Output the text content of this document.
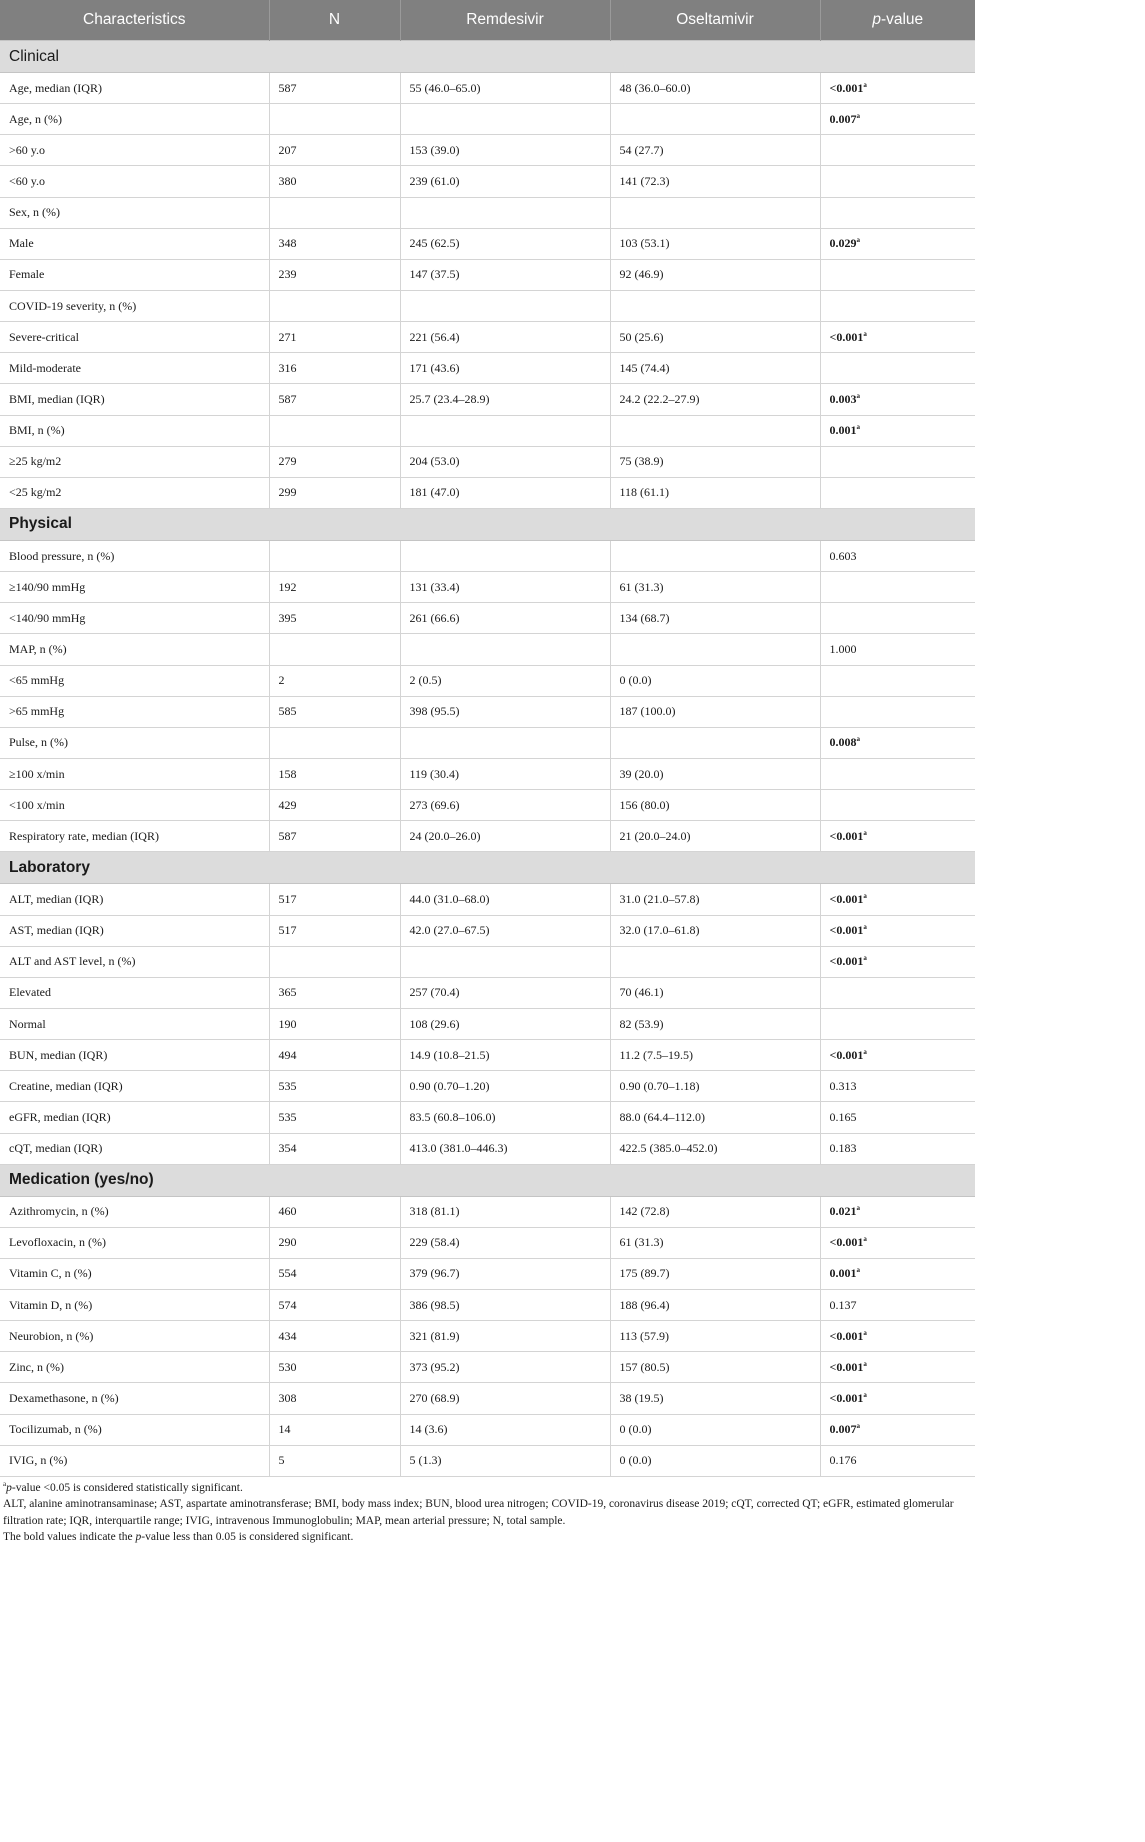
Characteristics	N	Remdesivir	Oseltamivir	p-value
Clinical				
Age, median (IQR)	587	55 (46.0–65.0)	48 (36.0–60.0)	<0.001$^a$
Age, n (%)				0.007$^a$
>60 y.o	207	153 (39.0)	54 (27.7)	
<60 y.o	380	239 (61.0)	141 (72.3)	
Sex, n (%)				
Male	348	245 (62.5)	103 (53.1)	0.029$^a$
Female	239	147 (37.5)	92 (46.9)	
COVID-19 severity, n (%)				
Severe-critical	271	221 (56.4)	50 (25.6)	<0.001$^a$
Mild-moderate	316	171 (43.6)	145 (74.4)	
BMI, median (IQR)	587	25.7 (23.4–28.9)	24.2 (22.2–27.9)	0.003$^a$
BMI, n (%)				0.001$^a$
≥25 kg/m2	279	204 (53.0)	75 (38.9)	
<25 kg/m2	299	181 (47.0)	118 (61.1)	
Physical				
Blood pressure, n (%)				0.603
≥140/90 mmHg	192	131 (33.4)	61 (31.3)	
<140/90 mmHg	395	261 (66.6)	134 (68.7)	
MAP, n (%)				1.000
<65 mmHg	2	2 (0.5)	0 (0.0)	
>65 mmHg	585	398 (95.5)	187 (100.0)	
Pulse, n (%)				0.008$^a$
≥100 x/min	158	119 (30.4)	39 (20.0)	
<100 x/min	429	273 (69.6)	156 (80.0)	
Respiratory rate, median (IQR)	587	24 (20.0–26.0)	21 (20.0–24.0)	<0.001$^a$
Laboratory				
ALT, median (IQR)	517	44.0 (31.0–68.0)	31.0 (21.0–57.8)	<0.001$^a$
AST, median (IQR)	517	42.0 (27.0–67.5)	32.0 (17.0–61.8)	<0.001$^a$
ALT and AST level, n (%)				<0.001$^a$
Elevated	365	257 (70.4)	70 (46.1)	
Normal	190	108 (29.6)	82 (53.9)	
BUN, median (IQR)	494	14.9 (10.8–21.5)	11.2 (7.5–19.5)	<0.001$^a$
Creatine, median (IQR)	535	0.90 (0.70–1.20)	0.90 (0.70–1.18)	0.313
eGFR, median (IQR)	535	83.5 (60.8–106.0)	88.0 (64.4–112.0)	0.165
cQT, median (IQR)	354	413.0 (381.0–446.3)	422.5 (385.0–452.0)	0.183
Medication (yes/no)				
Azithromycin, n (%)	460	318 (81.1)	142 (72.8)	0.021$^a$
Levofloxacin, n (%)	290	229 (58.4)	61 (31.3)	<0.001$^a$
Vitamin C, n (%)	554	379 (96.7)	175 (89.7)	0.001$^a$
Vitamin D, n (%)	574	386 (98.5)	188 (96.4)	0.137
Neurobion, n (%)	434	321 (81.9)	113 (57.9)	<0.001$^a$
Zinc, n (%)	530	373 (95.2)	157 (80.5)	<0.001$^a$
Dexamethasone, n (%)	308	270 (68.9)	38 (19.5)	<0.001$^a$
Tocilizumab, n (%)	14	14 (3.6)	0 (0.0)	0.007$^a$
IVIG, n (%)	5	5 (1.3)	0 (0.0)	0.176

$^a$p-value <0.05 is considered statistically significant.

ALT, alanine aminotransaminase; AST, aspartate aminotransferase; BMI, body mass index; BUN, blood urea nitrogen; COVID-19, coronavirus disease 2019; cQT, corrected QT; eGFR, estimated glomerular filtration rate; IQR, interquartile range; IVIG, intravenous Immunoglobulin; MAP, mean arterial pressure; N, total sample.

The bold values indicate the p-value less than 0.05 is considered significant.
